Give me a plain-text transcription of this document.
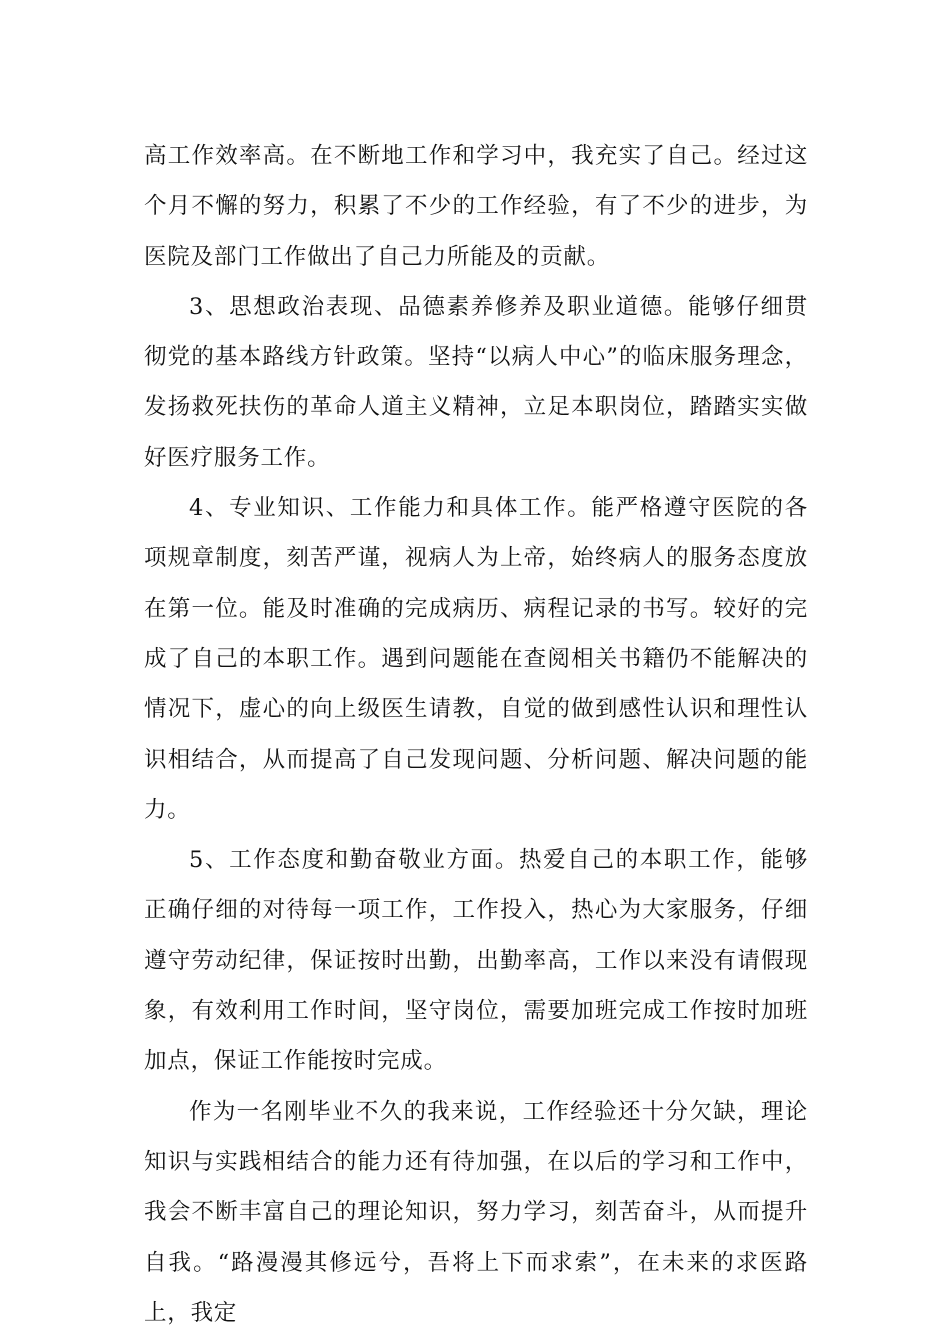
高工作效率高。在不断地工作和学习中，我充实了自己。经过这个月不懈的努力，积累了不少的工作经验，有了不少的进步，为医院及部门工作做出了自己力所能及的贡献。

3、思想政治表现、品德素养修养及职业道德。能够仔细贯彻党的基本路线方针政策。坚持“以病人中心”的临床服务理念，发扬救死扶伤的革命人道主义精神，立足本职岗位，踏踏实实做好医疗服务工作。

4、专业知识、工作能力和具体工作。能严格遵守医院的各项规章制度，刻苦严谨，视病人为上帝，始终病人的服务态度放在第一位。能及时准确的完成病历、病程记录的书写。较好的完成了自己的本职工作。遇到问题能在查阅相关书籍仍不能解决的情况下，虚心的向上级医生请教，自觉的做到感性认识和理性认识相结合，从而提高了自己发现问题、分析问题、解决问题的能力。

5、工作态度和勤奋敬业方面。热爱自己的本职工作，能够正确仔细的对待每一项工作，工作投入，热心为大家服务，仔细遵守劳动纪律，保证按时出勤，出勤率高，工作以来没有请假现象，有效利用工作时间，坚守岗位，需要加班完成工作按时加班加点，保证工作能按时完成。

作为一名刚毕业不久的我来说，工作经验还十分欠缺，理论知识与实践相结合的能力还有待加强，在以后的学习和工作中，我会不断丰富自己的理论知识，努力学习，刻苦奋斗，从而提升自我。“路漫漫其修远兮，吾将上下而求索”，在未来的求医路上，我定
